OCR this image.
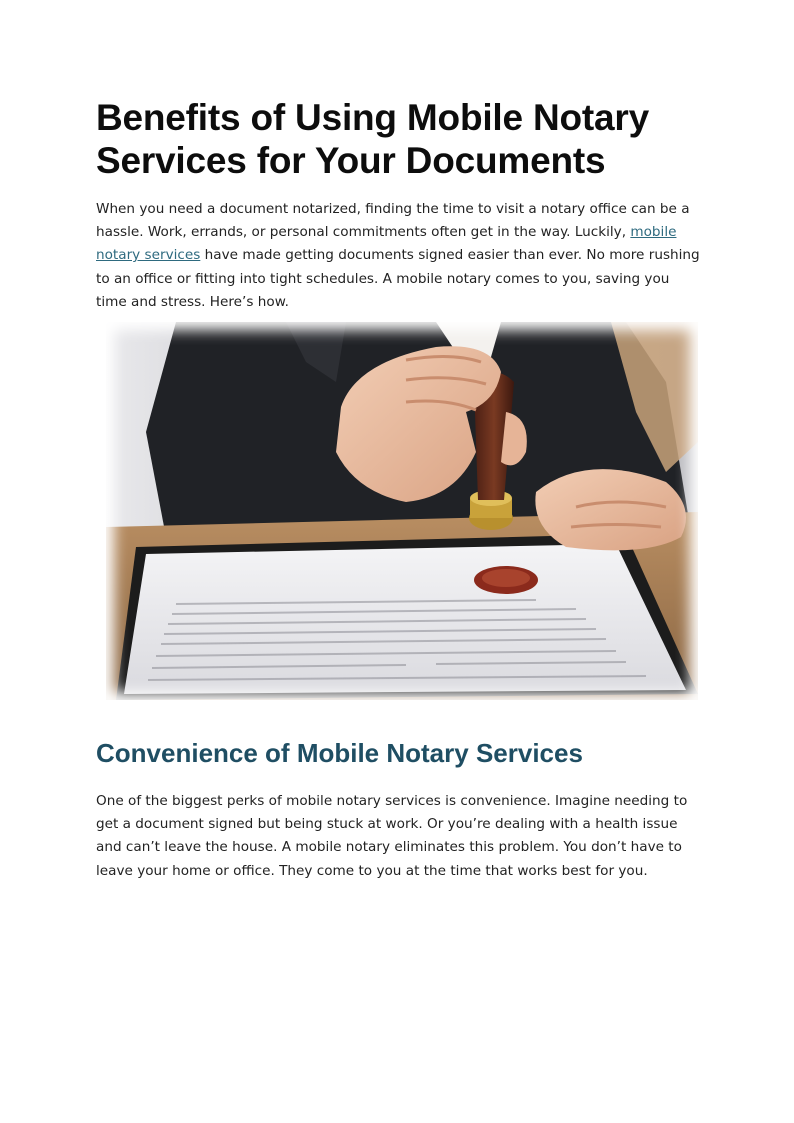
Benefits of Using Mobile Notary Services for Your Documents

When you need a document notarized, finding the time to visit a notary office can be a hassle. Work, errands, or personal commitments often get in the way. Luckily, mobile notary services have made getting documents signed easier than ever. No more rushing to an office or fitting into tight schedules. A mobile notary comes to you, saving you time and stress. Here’s how.

Convenience of Mobile Notary Services

One of the biggest perks of mobile notary services is convenience. Imagine needing to get a document signed but being stuck at work. Or you’re dealing with a health issue and can’t leave the house. A mobile notary eliminates this problem. You don’t have to leave your home or office. They come to you at the time that works best for you.
